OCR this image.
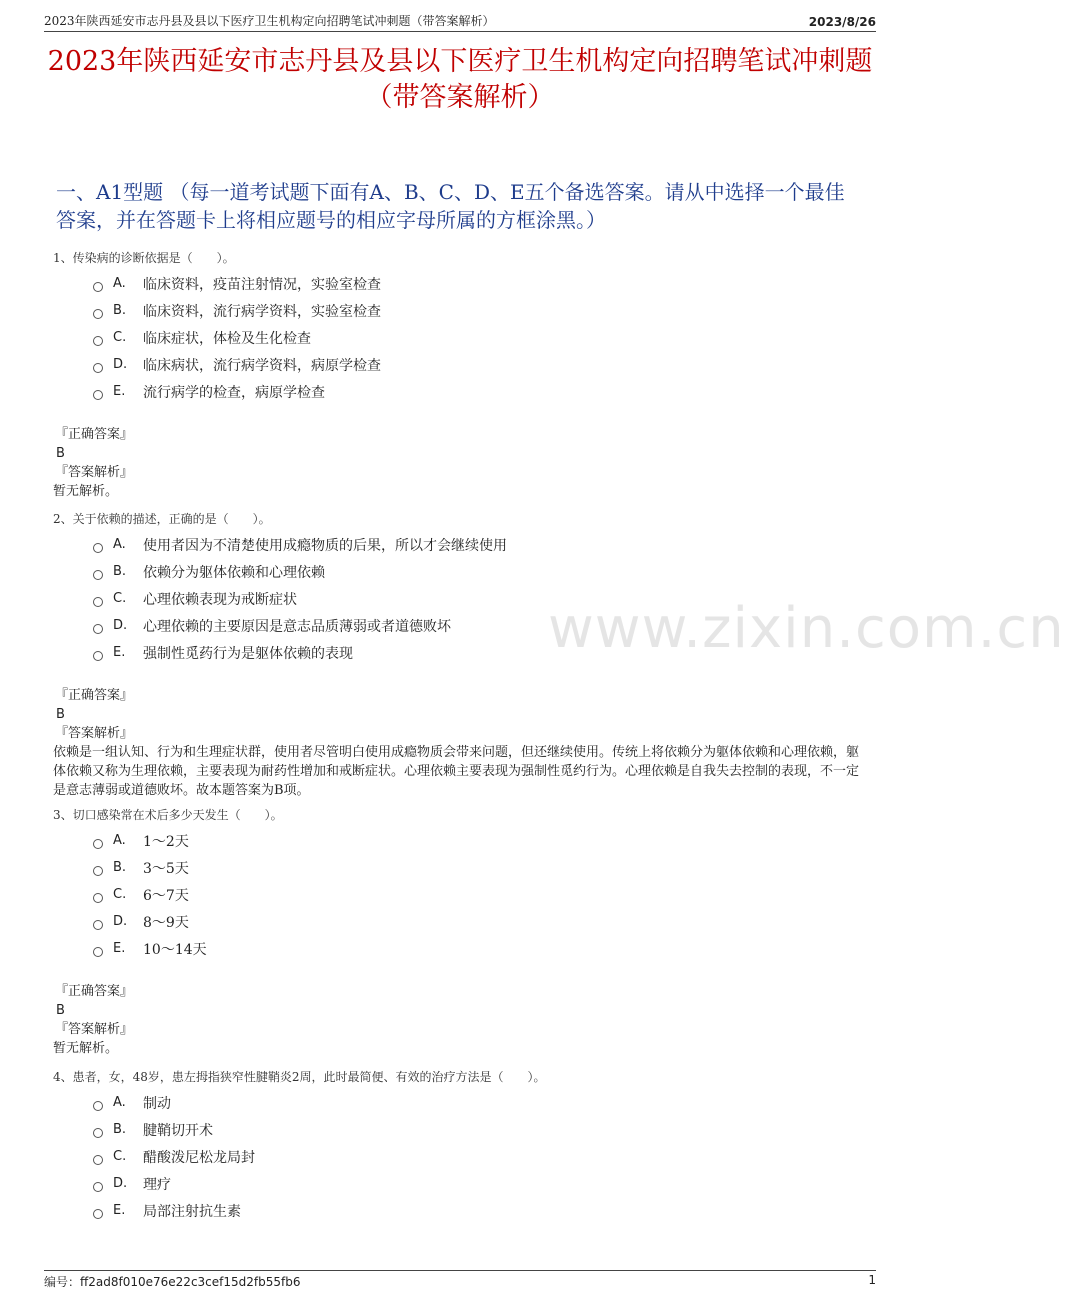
2023年陕西延安市志丹县及县以下医疗卫生机构定向招聘笔试冲刺题（带答案解析）	2023/8/26
2023年陕西延安市志丹县及县以下医疗卫生机构定向招聘笔试冲刺题（带答案解析）
一、A1型题 （每一道考试题下面有A、B、C、D、E五个备选答案。请从中选择一个最佳答案，并在答题卡上将相应题号的相应字母所属的方框涂黑。）
www.zixin.com.cn
1、传染病的诊断依据是（　　）。
A.	临床资料，疫苗注射情况，实验室检查
B.	临床资料，流行病学资料，实验室检查
C.	临床症状，体检及生化检查
D.	临床病状，流行病学资料，病原学检查
E.	流行病学的检查，病原学检查
『正确答案』
B
『答案解析』
暂无解析。
2、关于依赖的描述，正确的是（　　）。
A.	使用者因为不清楚使用成瘾物质的后果，所以才会继续使用
B.	依赖分为躯体依赖和心理依赖
C.	心理依赖表现为戒断症状
D.	心理依赖的主要原因是意志品质薄弱或者道德败坏
E.	强制性觅药行为是躯体依赖的表现
『正确答案』
B
『答案解析』
依赖是一组认知、行为和生理症状群，使用者尽管明白使用成瘾物质会带来问题，但还继续使用。传统上将依赖分为躯体依赖和心理依赖，躯体依赖又称为生理依赖，主要表现为耐药性增加和戒断症状。心理依赖主要表现为强制性觅约行为。心理依赖是自我失去控制的表现，不一定是意志薄弱或道德败坏。故本题答案为B项。
3、切口感染常在术后多少天发生（　　）。
A.	1～2天
B.	3～5天
C.	6～7天
D.	8～9天
E.	10～14天
『正确答案』
B
『答案解析』
暂无解析。
4、患者，女，48岁，患左拇指狭窄性腱鞘炎2周，此时最简便、有效的治疗方法是（　　）。
A.	制动
B.	腱鞘切开术
C.	醋酸泼尼松龙局封
D.	理疗
E.	局部注射抗生素
编号：ff2ad8f010e76e22c3cef15d2fb55fb6	1
